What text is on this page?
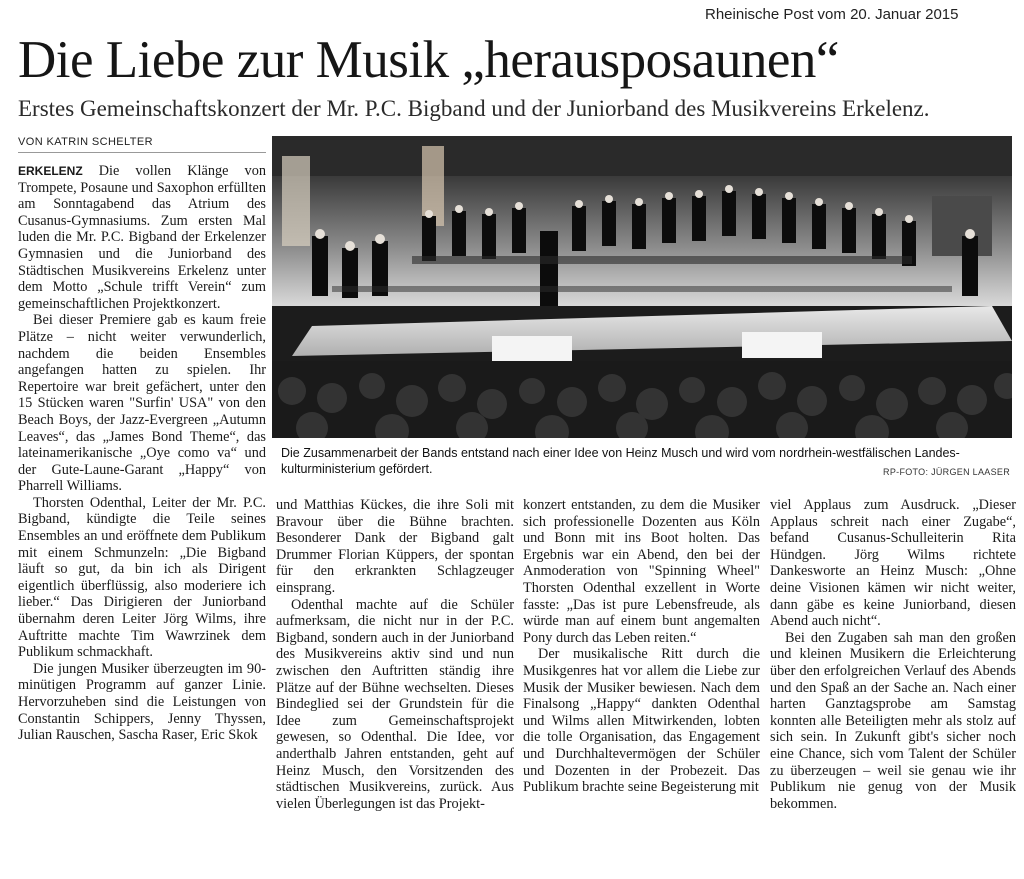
Rheinische Post vom 20. Januar 2015
Die Liebe zur Musik „herausposaunen“
Erstes Gemeinschaftskonzert der Mr. P.C. Bigband und der Juniorband des Musikvereins Erkelenz.
VON KATRIN SCHELTER

ERKELENZ Die vollen Klänge von Trompete, Posaune und Saxophon erfüllten am Sonntagabend das Atrium des Cusanus-Gymnasiums. Zum ersten Mal luden die Mr. P.C. Bigband der Erkelenzer Gymnasien und die Juniorband des Städtischen Musikvereins Erkelenz unter dem Motto „Schule trifft Verein“ zum gemeinschaftlichen Projektkonzert.

Bei dieser Premiere gab es kaum freie Plätze – nicht weiter verwunderlich, nachdem die beiden Ensembles angefangen hatten zu spielen. Ihr Repertoire war breit gefächert, unter den 15 Stücken waren "Surfin' USA" von den Beach Boys, der Jazz-Evergreen „Autumn Leaves“, das „James Bond Theme“, das lateinamerikanische „Oye como va“ und der Gute-Laune-Garant „Happy“ von Pharrell Williams.

Thorsten Odenthal, Leiter der Mr. P.C. Bigband, kündigte die Teile seines Ensembles an und eröffnete dem Publikum mit einem Schmunzeln: „Die Bigband läuft so gut, da bin ich als Dirigent eigentlich überflüssig, also moderiere ich lieber.“ Das Dirigieren der Juniorband übernahm deren Leiter Jörg Wilms, ihre Auftritte machte Tim Wawrzinek dem Publikum schmackhaft.

Die jungen Musiker überzeugten im 90-minütigen Programm auf ganzer Linie. Hervorzuheben sind die Leistungen von Constantin Schippers, Jenny Thyssen, Julian Rauschen, Sascha Raser, Eric Skok

Die Zusammenarbeit der Bands entstand nach einer Idee von Heinz Musch und wird vom nordrhein-westfälischen Landes-kulturministerium gefördert.	RP-FOTO: JÜRGEN LAASER

und Matthias Kückes, die ihre Soli mit Bravour über die Bühne brachten. Besonderer Dank der Bigband galt Drummer Florian Küppers, der spontan für den erkrankten Schlagzeuger einsprang.

Odenthal machte auf die Schüler aufmerksam, die nicht nur in der P.C. Bigband, sondern auch in der Juniorband des Musikvereins aktiv sind und nun zwischen den Auftritten ständig ihre Plätze auf der Bühne wechselten. Dieses Bindeglied sei der Grundstein für die Idee zum Gemeinschaftsprojekt gewesen, so Odenthal. Die Idee, vor anderthalb Jahren entstanden, geht auf Heinz Musch, den Vorsitzenden des städtischen Musikvereins, zurück. Aus vielen Überlegungen ist das Projekt-

konzert entstanden, zu dem die Musiker sich professionelle Dozenten aus Köln und Bonn mit ins Boot holten. Das Ergebnis war ein Abend, den bei der Anmoderation von "Spinning Wheel" Thorsten Odenthal exzellent in Worte fasste: „Das ist pure Lebensfreude, als würde man auf einem bunt angemalten Pony durch das Leben reiten.“

Der musikalische Ritt durch die Musikgenres hat vor allem die Liebe zur Musik der Musiker bewiesen. Nach dem Finalsong „Happy“ dankten Odenthal und Wilms allen Mitwirkenden, lobten die tolle Organisation, das Engagement und Durchhaltevermögen der Schüler und Dozenten in der Probezeit. Das Publikum brachte seine Begeisterung mit

viel Applaus zum Ausdruck. „Dieser Applaus schreit nach einer Zugabe“, befand Cusanus-Schulleiterin Rita Hündgen. Jörg Wilms richtete Dankesworte an Heinz Musch: „Ohne deine Visionen kämen wir nicht weiter, dann gäbe es keine Juniorband, diesen Abend auch nicht“.

Bei den Zugaben sah man den großen und kleinen Musikern die Erleichterung über den erfolgreichen Verlauf des Abends und den Spaß an der Sache an. Nach einer harten Ganztagsprobe am Samstag konnten alle Beteiligten mehr als stolz auf sich sein. In Zukunft gibt's sicher noch eine Chance, sich vom Talent der Schüler zu überzeugen – weil sie genau wie ihr Publikum nie genug von der Musik bekommen.
